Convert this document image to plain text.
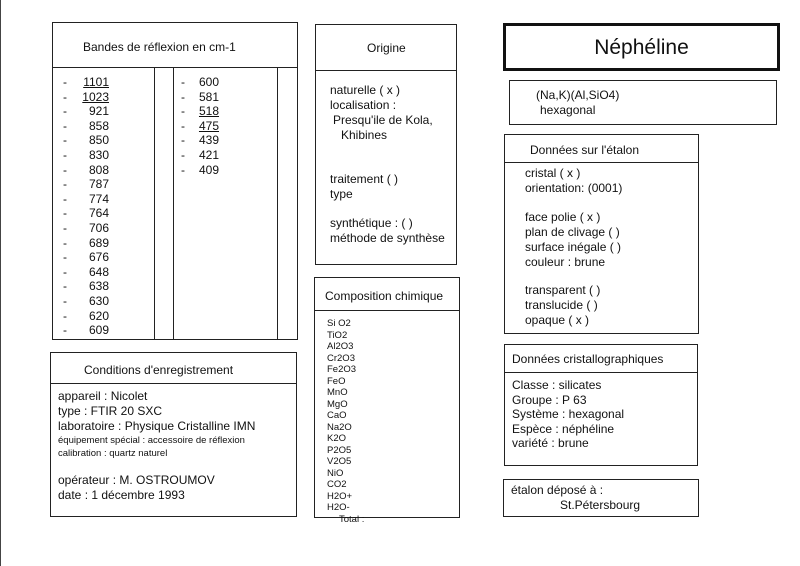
Bandes de réflexion en cm-1
- 1101
- 1023
-	921
-	858
-	850
-	830
-	808
-	787
-	774
-	764
-	706
-	689
-	676
-	648
-	638
-	630
-	620
-	609
-	600
-	581
-	518
-	475
-	439
-	421
-	409
Origine
naturelle ( x )
localisation :
Presqu'ile de Kola,
Khibines
traitement ( )
type
synthétique : ( )
méthode de synthèse
Néphéline
(Na,K)(Al,SiO4)
hexagonal
Données sur l'étalon
cristal ( x )
orientation: (0001)
face polie ( x )
plan de clivage ( )
surface inégale ( )
couleur : brune
transparent ( )
translucide ( )
opaque ( x )
Composition chimique
Si O2
TiO2
Al2O3
Cr2O3
Fe2O3
FeO
MnO
MgO
CaO
Na2O
K2O
P2O5
V2O5
NiO
CO2
H2O+
H2O-
Total :
Conditions d'enregistrement
appareil : Nicolet
type : FTIR 20 SXC
laboratoire : Physique Cristalline IMN
équipement spécial : accessoire de réflexion
calibration : quartz naturel
opérateur : M. OSTROUMOV
date : 1 décembre 1993
Données cristallographiques
Classe : silicates
Groupe : P 63
Système : hexagonal
Espèce : néphéline
variété : brune
étalon déposé à :
St.Pétersbourg
